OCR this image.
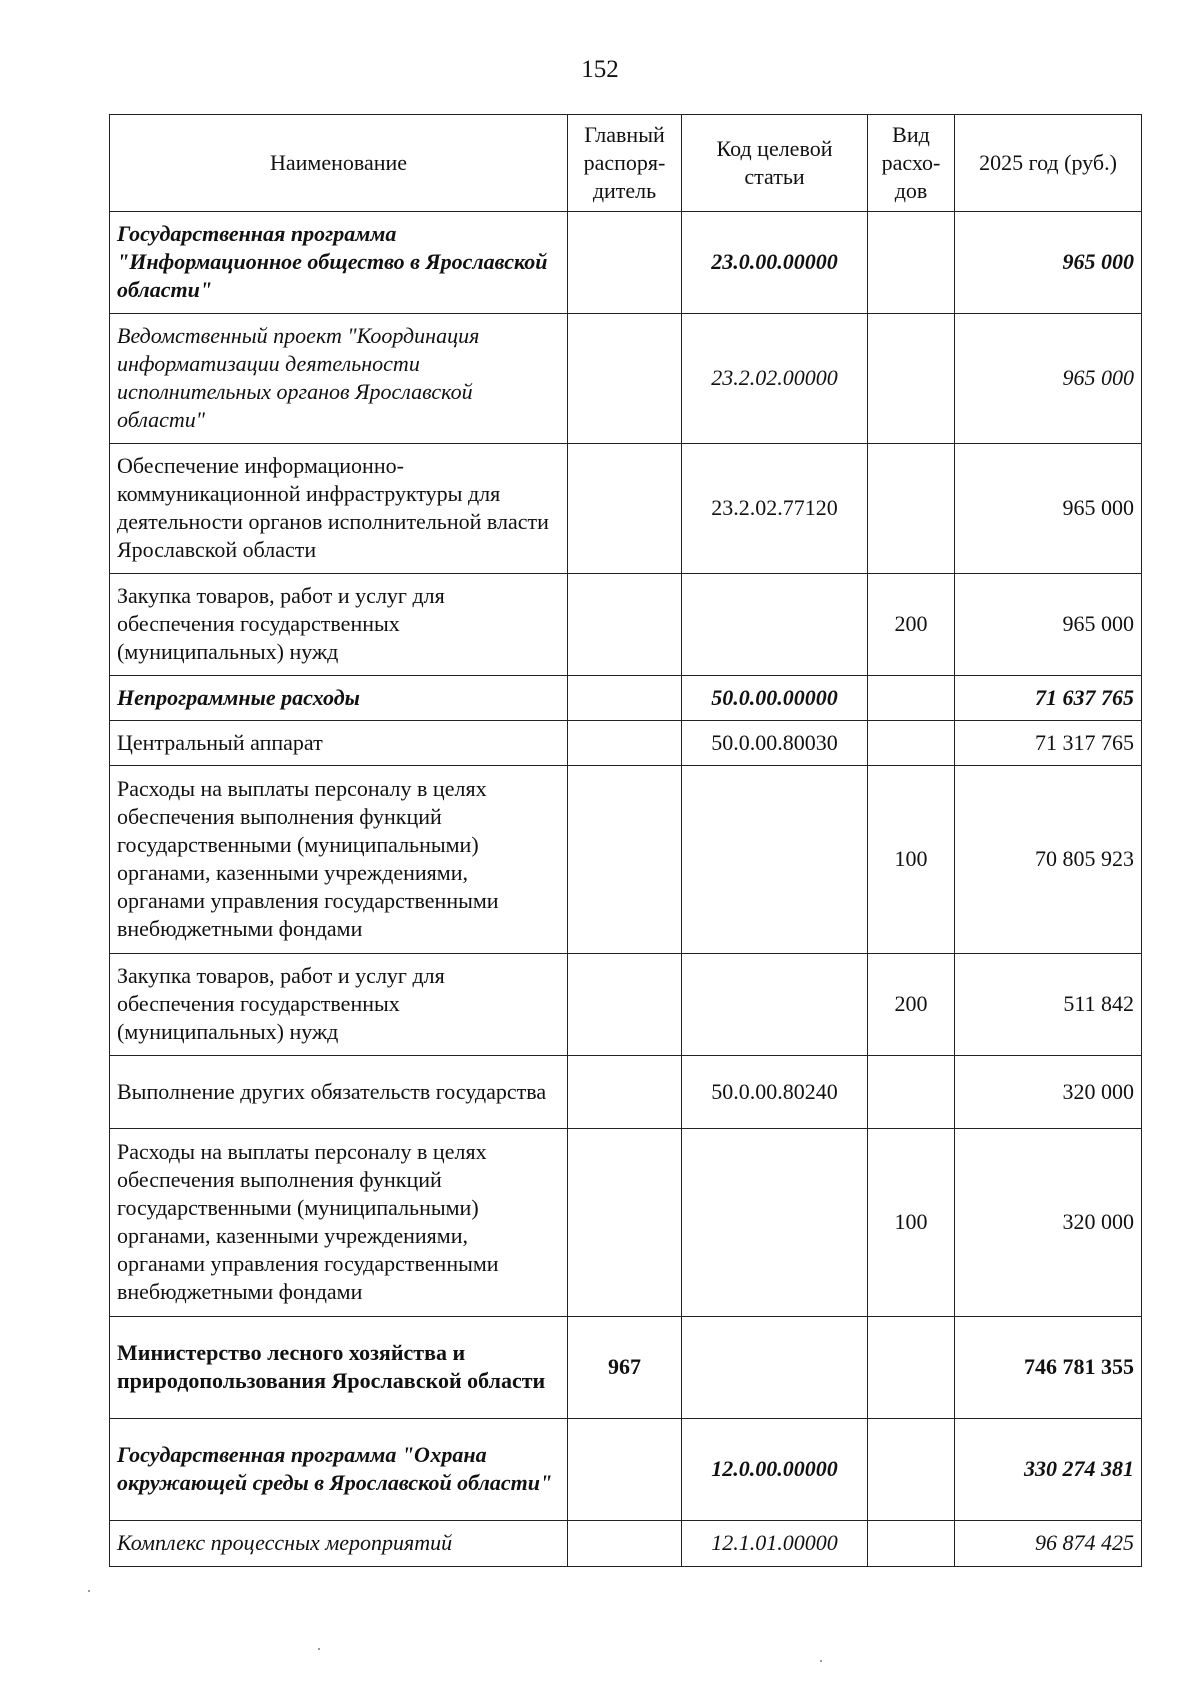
152
Наименование	Главный распоря-дитель	Код целевой статьи	Вид расхо-дов	2025 год (руб.)
Государственная программа "Информационное общество в Ярославской области"		23.0.00.00000		965 000
Ведомственный проект "Координация информатизации деятельности исполнительных органов Ярославской области"		23.2.02.00000		965 000
Обеспечение информационно-коммуникационной инфраструктуры для деятельности органов исполнительной власти Ярославской области		23.2.02.77120		965 000
Закупка товаров, работ и услуг для обеспечения государственных (муниципальных) нужд			200	965 000
Непрограммные расходы		50.0.00.00000		71 637 765
Центральный аппарат		50.0.00.80030		71 317 765
Расходы на выплаты персоналу в целях обеспечения выполнения функций государственными (муниципальными) органами, казенными учреждениями, органами управления государственными внебюджетными фондами			100	70 805 923
Закупка товаров, работ и услуг для обеспечения государственных (муниципальных) нужд			200	511 842
Выполнение других обязательств государства		50.0.00.80240		320 000
Расходы на выплаты персоналу в целях обеспечения выполнения функций государственными (муниципальными) органами, казенными учреждениями, органами управления государственными внебюджетными фондами			100	320 000
Министерство лесного хозяйства и природопользования Ярославской области	967			746 781 355
Государственная программа "Охрана окружающей среды в Ярославской области"		12.0.00.00000		330 274 381
Комплекс процессных мероприятий		12.1.01.00000		96 874 425
